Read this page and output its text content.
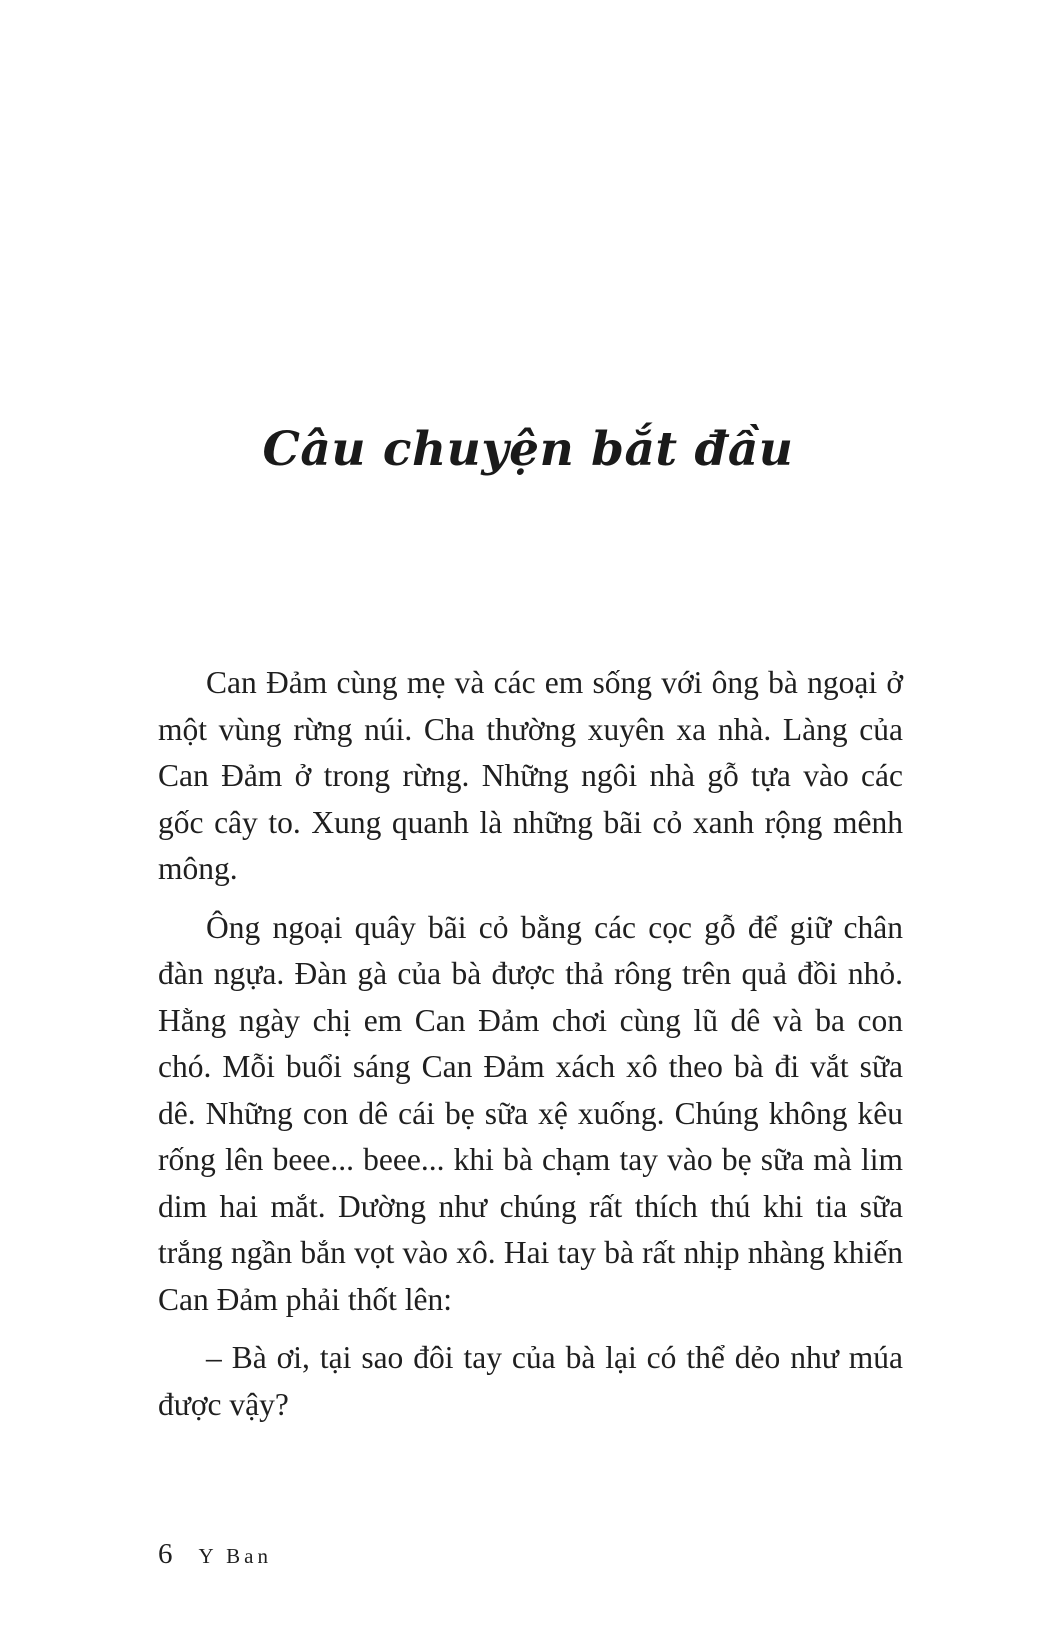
Câu chuyện bắt đầu

Can Đảm cùng mẹ và các em sống với ông bà ngoại ở một vùng rừng núi. Cha thường xuyên xa nhà. Làng của Can Đảm ở trong rừng. Những ngôi nhà gỗ tựa vào các gốc cây to. Xung quanh là những bãi cỏ xanh rộng mênh mông.

Ông ngoại quây bãi cỏ bằng các cọc gỗ để giữ chân đàn ngựa. Đàn gà của bà được thả rông trên quả đồi nhỏ. Hằng ngày chị em Can Đảm chơi cùng lũ dê và ba con chó. Mỗi buổi sáng Can Đảm xách xô theo bà đi vắt sữa dê. Những con dê cái bẹ sữa xệ xuống. Chúng không kêu rống lên beee... beee... khi bà chạm tay vào bẹ sữa mà lim dim hai mắt. Dường như chúng rất thích thú khi tia sữa trắng ngần bắn vọt vào xô. Hai tay bà rất nhịp nhàng khiến Can Đảm phải thốt lên:

– Bà ơi, tại sao đôi tay của bà lại có thể dẻo như múa được vậy?

6 Y Ban
